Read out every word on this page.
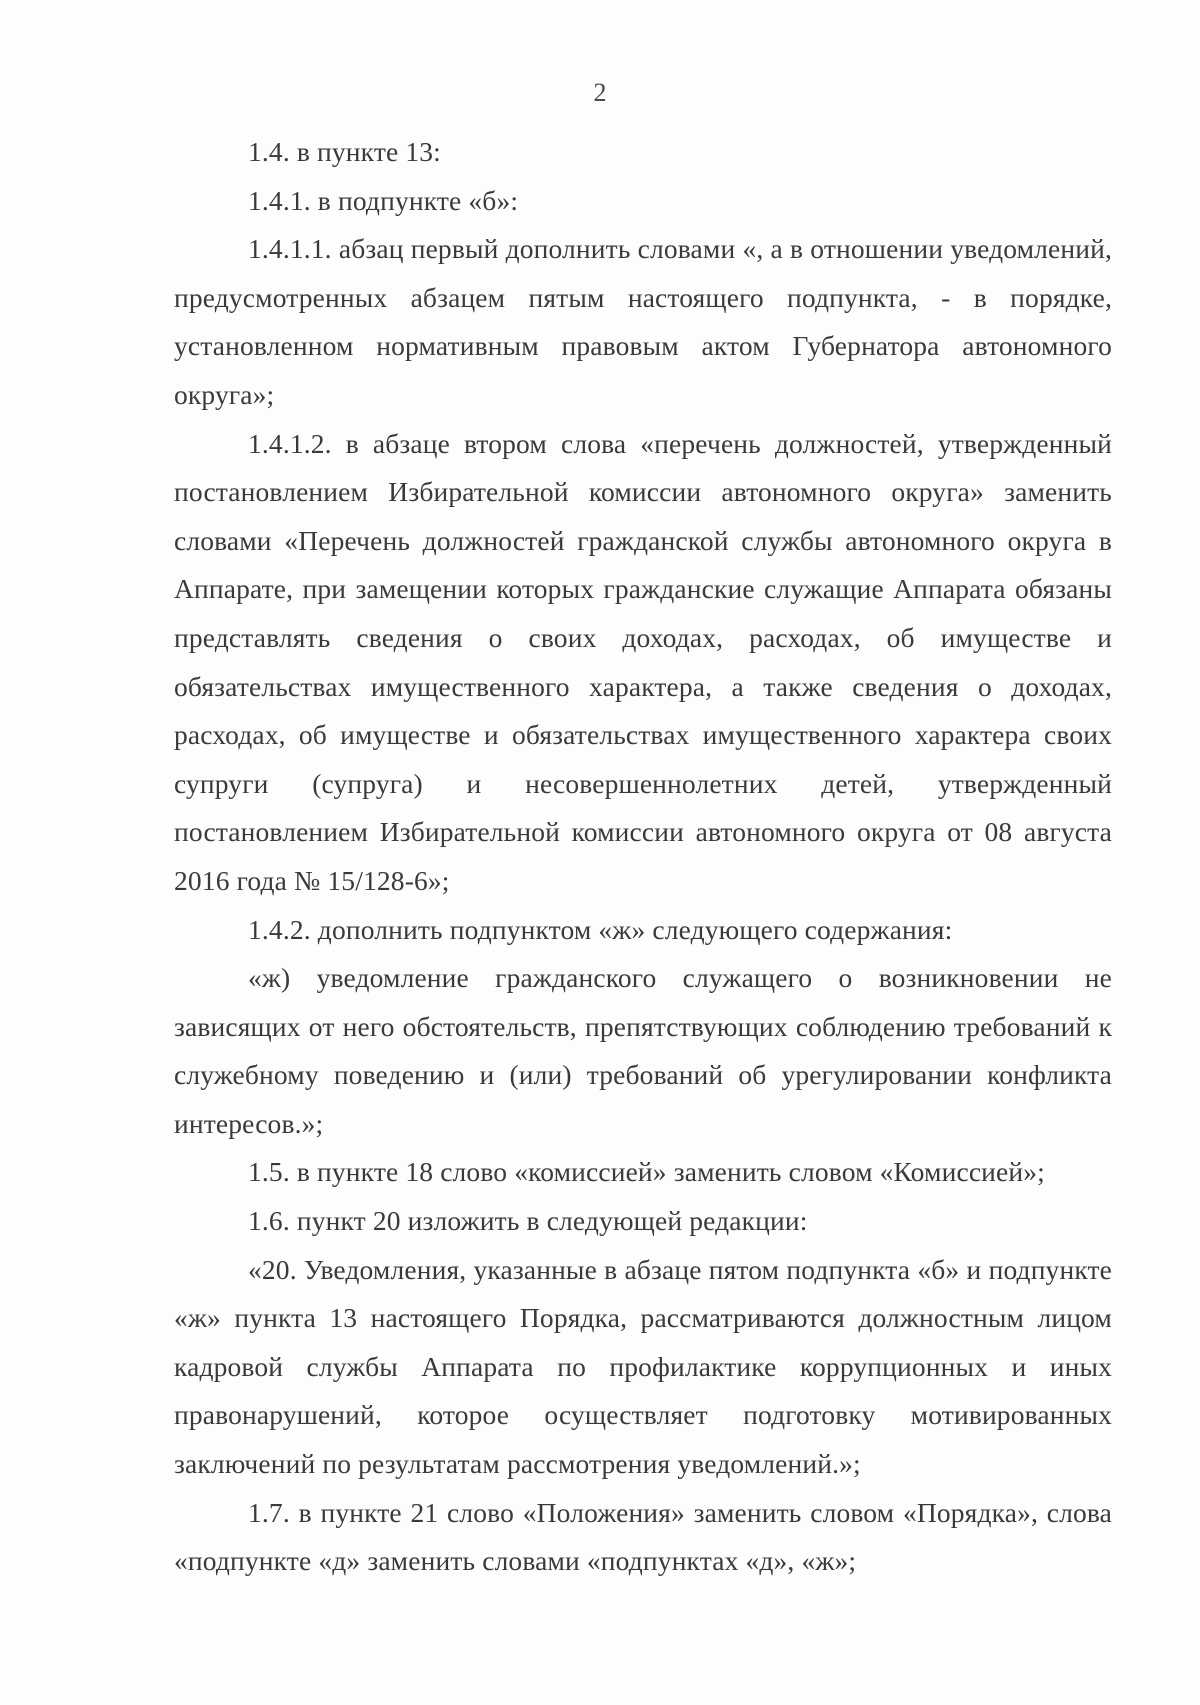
2

1.4. в пункте 13:

1.4.1. в подпункте «б»:

1.4.1.1. абзац первый дополнить словами «, а в отношении уведомлений, предусмотренных абзацем пятым настоящего подпункта, - в порядке, установленном нормативным правовым актом Губернатора автономного округа»;

1.4.1.2. в абзаце втором слова «перечень должностей, утвержденный постановлением Избирательной комиссии автономного округа» заменить словами «Перечень должностей гражданской службы автономного округа в Аппарате, при замещении которых гражданские служащие Аппарата обязаны представлять сведения о своих доходах, расходах, об имуществе и обязательствах имущественного характера, а также сведения о доходах, расходах, об имуществе и обязательствах имущественного характера своих супруги (супруга) и несовершеннолетних детей, утвержденный постановлением Избирательной комиссии автономного округа от 08 августа 2016 года № 15/128-6»;

1.4.2. дополнить подпунктом «ж» следующего содержания:

«ж) уведомление гражданского служащего о возникновении не зависящих от него обстоятельств, препятствующих соблюдению требований к служебному поведению и (или) требований об урегулировании конфликта интересов.»;

1.5. в пункте 18 слово «комиссией» заменить словом «Комиссией»;

1.6. пункт 20 изложить в следующей редакции:

«20. Уведомления, указанные в абзаце пятом подпункта «б» и подпункте «ж» пункта 13 настоящего Порядка, рассматриваются должностным лицом кадровой службы Аппарата по профилактике коррупционных и иных правонарушений, которое осуществляет подготовку мотивированных заключений по результатам рассмотрения уведомлений.»;

1.7. в пункте 21 слово «Положения» заменить словом «Порядка», слова «подпункте «д» заменить словами «подпунктах «д», «ж»;
